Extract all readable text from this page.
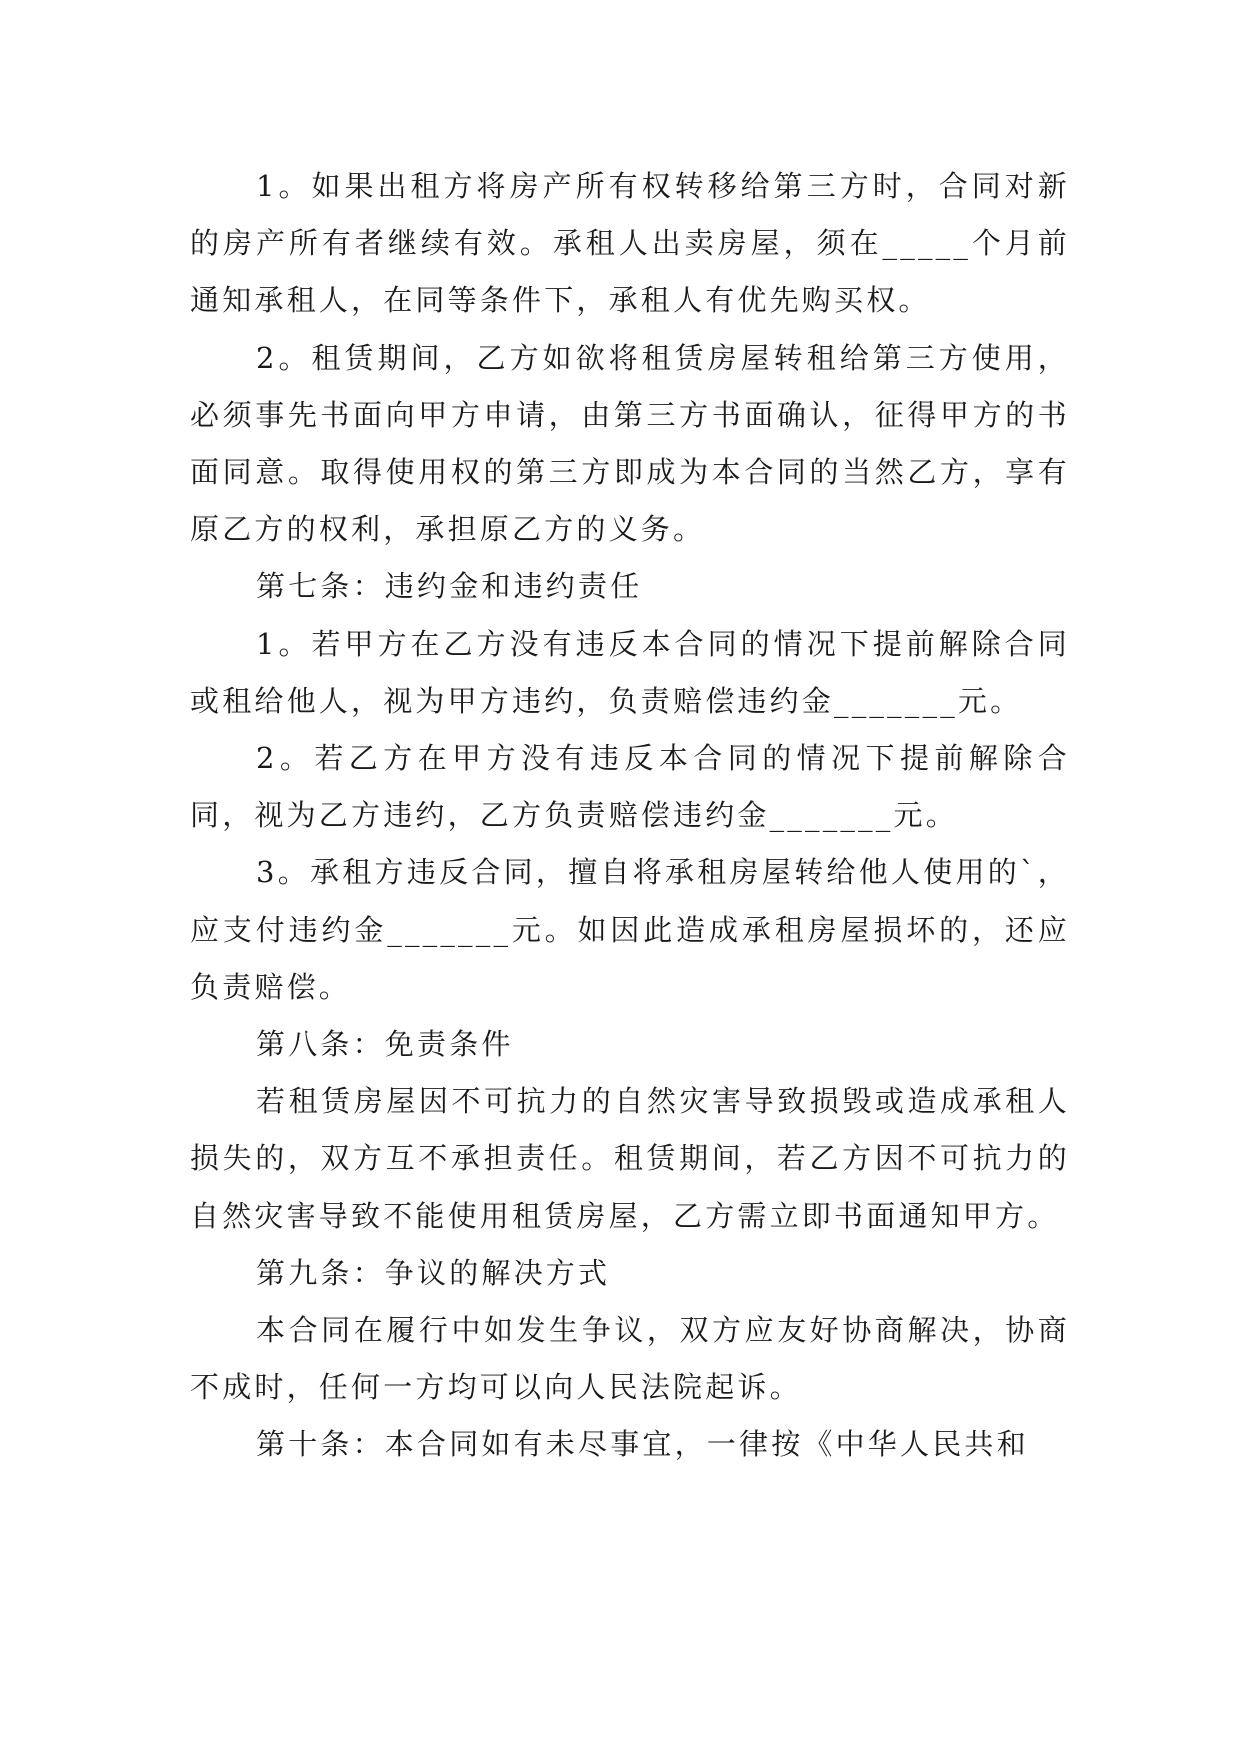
1。如果出租方将房产所有权转移给第三方时，合同对新的房产所有者继续有效。承租人出卖房屋，须在_____个月前通知承租人，在同等条件下，承租人有优先购买权。

2。租赁期间，乙方如欲将租赁房屋转租给第三方使用，必须事先书面向甲方申请，由第三方书面确认，征得甲方的书面同意。取得使用权的第三方即成为本合同的当然乙方，享有原乙方的权利，承担原乙方的义务。

第七条：违约金和违约责任

1。若甲方在乙方没有违反本合同的情况下提前解除合同或租给他人，视为甲方违约，负责赔偿违约金_______元。

2。若乙方在甲方没有违反本合同的情况下提前解除合同，视为乙方违约，乙方负责赔偿违约金_______元。

3。承租方违反合同，擅自将承租房屋转给他人使用的`，应支付违约金_______元。如因此造成承租房屋损坏的，还应负责赔偿。

第八条：免责条件

若租赁房屋因不可抗力的自然灾害导致损毁或造成承租人损失的，双方互不承担责任。租赁期间，若乙方因不可抗力的自然灾害导致不能使用租赁房屋，乙方需立即书面通知甲方。

第九条：争议的解决方式

本合同在履行中如发生争议，双方应友好协商解决，协商不成时，任何一方均可以向人民法院起诉。

第十条：本合同如有未尽事宜，一律按《中华人民共和
